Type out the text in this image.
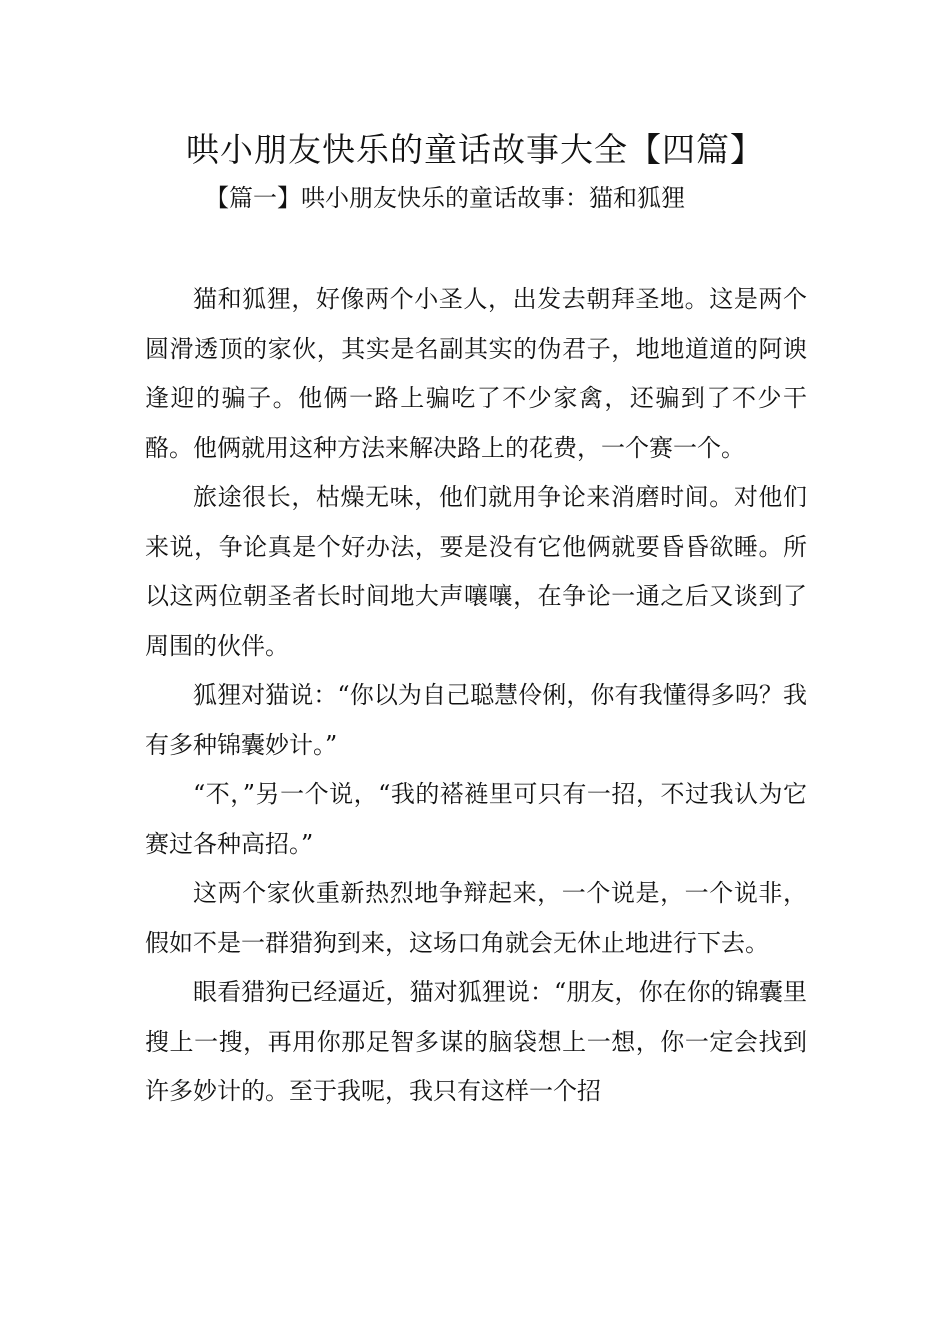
哄小朋友快乐的童话故事大全【四篇】
【篇一】哄小朋友快乐的童话故事：猫和狐狸

猫和狐狸，好像两个小圣人，出发去朝拜圣地。这是两个圆滑透顶的家伙，其实是名副其实的伪君子，地地道道的阿谀逢迎的骗子。他俩一路上骗吃了不少家禽，还骗到了不少干酪。他俩就用这种方法来解决路上的花费，一个赛一个。

旅途很长，枯燥无味，他们就用争论来消磨时间。对他们来说，争论真是个好办法，要是没有它他俩就要昏昏欲睡。所以这两位朝圣者长时间地大声嚷嚷，在争论一通之后又谈到了周围的伙伴。

狐狸对猫说：“你以为自己聪慧伶俐，你有我懂得多吗？我有多种锦囊妙计。”

“不，”另一个说，“我的褡裢里可只有一招，不过我认为它赛过各种高招。”

这两个家伙重新热烈地争辩起来，一个说是，一个说非，假如不是一群猎狗到来，这场口角就会无休止地进行下去。

眼看猎狗已经逼近，猫对狐狸说：“朋友，你在你的锦囊里搜上一搜，再用你那足智多谋的脑袋想上一想，你一定会找到许多妙计的。至于我呢，我只有这样一个招
